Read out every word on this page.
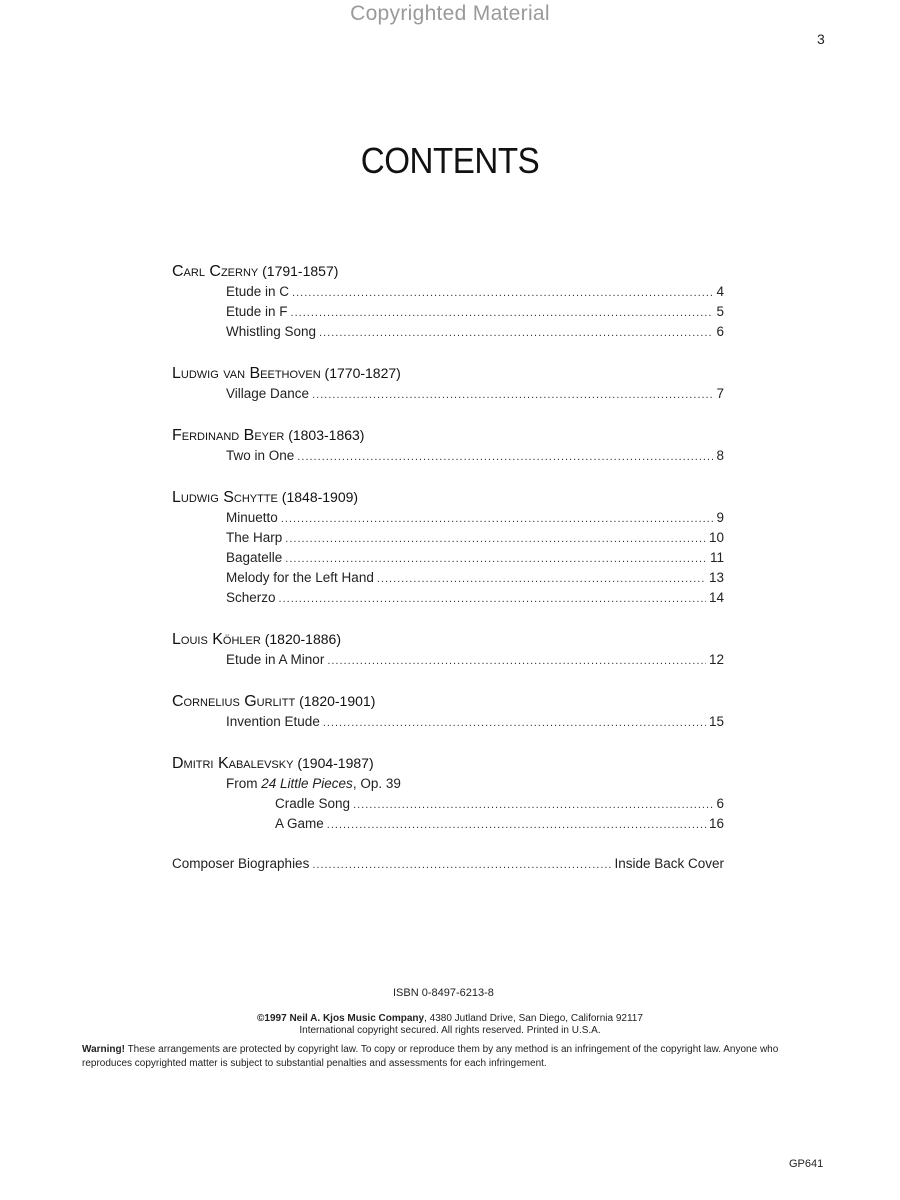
Copyrighted Material
3
CONTENTS
Carl Czerny (1791-1857)
Etude in C .....	4
Etude in F .....	5
Whistling Song .....	6
Ludwig van Beethoven (1770-1827)
Village Dance .....	7
Ferdinand Beyer (1803-1863)
Two in One .....	8
Ludwig Schytte (1848-1909)
Minuetto .....	9
The Harp .....	10
Bagatelle .....	11
Melody for the Left Hand .....	13
Scherzo .....	14
Louis Köhler (1820-1886)
Etude in A Minor .....	12
Cornelius Gurlitt (1820-1901)
Invention Etude .....	15
Dmitri Kabalevsky (1904-1987)
From 24 Little Pieces, Op. 39
Cradle Song .....	6
A Game .....	16
Composer Biographies .....	Inside Back Cover
ISBN 0-8497-6213-8
©1997 Neil A. Kjos Music Company, 4380 Jutland Drive, San Diego, California 92117
International copyright secured. All rights reserved. Printed in U.S.A.
Warning! These arrangements are protected by copyright law. To copy or reproduce them by any method is an infringement of the copyright law. Anyone who reproduces copyrighted matter is subject to substantial penalties and assessments for each infringement.
GP641
